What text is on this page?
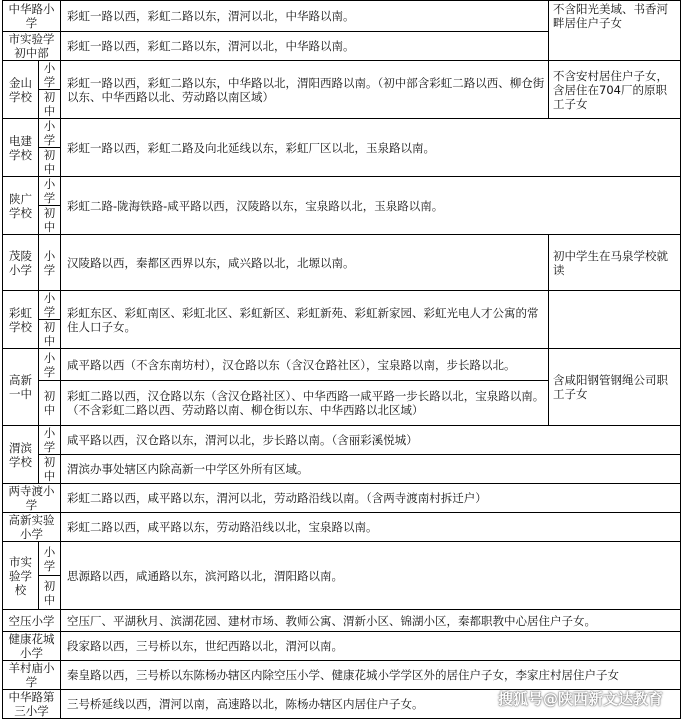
中华路小学		彩虹一路以西，彩虹二路以东，渭河以北，中华路以南。	不含阳光美域、书香河畔居住户子女
市实验学初中部		彩虹一路以西，彩虹二路以东，渭河以北，中华路以南。	
金山学校	小学	彩虹一路以西，彩虹二路以东，中华路以北，渭阳西路以南。（初中部含彩虹二路以西、柳仓街以东、中华西路以北、劳动路以南区域）	不含安村居住户子女，含居住在704厂的原职工子女
	初中		
电建学校	小学	彩虹一路以西，彩虹二路及向北延线以东，彩虹厂区以北，玉泉路以南。	
	初中		
陕广学校	小学	彩虹二路-陇海铁路-咸平路以西，汉陵路以东，宝泉路以北，玉泉路以南。	
	初中		
茂陵小学	小学	汉陵路以西，秦都区西界以东，咸兴路以北，北塬以南。	初中学生在马泉学校就读
彩虹学校	小学	彩虹东区、彩虹南区、彩虹北区、彩虹新区、彩虹新苑、彩虹新家园、彩虹光电人才公寓的常住人口子女。	
	初中		
高新一中	小学	咸平路以西（不含东南坊村），汉仓路以东（含汉仓路社区），宝泉路以南，步长路以北。	含咸阳钢管钢绳公司职工子女
	初中	彩虹二路以西，汉仓路以东（含汉仓路社区）、中华西路一咸平路一步长路以北，宝泉路以南。（不含彩虹二路以西、劳动路以南、柳仓街以东、中华西路以北区域）	
渭滨学校	小学	咸平路以西，汉仓路以东，渭河以北，步长路以南。（含丽彩溪悦城）	
	初中	渭滨办事处辖区内除高新一中学区外所有区域。	
两寺渡小学		彩虹二路以西，咸平路以东，渭河以北，劳动路沿线以南。（含两寺渡南村拆迁户）	
高新实验小学		彩虹二路以西，咸平路以东，劳动路沿线以北，宝泉路以南。	
市实验学校	小学	思源路以西，咸通路以东，滨河路以北，渭阳路以南。	
	初中		
空压小学		空压厂、平湖秋月、滨湖花园、建材市场、教师公寓、渭新小区、锦湖小区，秦都职教中心居住户子女。	
健康花城小学		段家路以西，三号桥以东，世纪西路以北，渭河以南。	
羊村庙小学		秦皇路以西，三号桥以东陈杨办辖区内除空压小学、健康花城小学学区外的居住户子女，李家庄村居住户子女	
中华路第三小学		三号桥延线以西，渭河以南，高速路以北，陈杨办辖区内居住户子女。		搜狐号@陕西新文达教育
